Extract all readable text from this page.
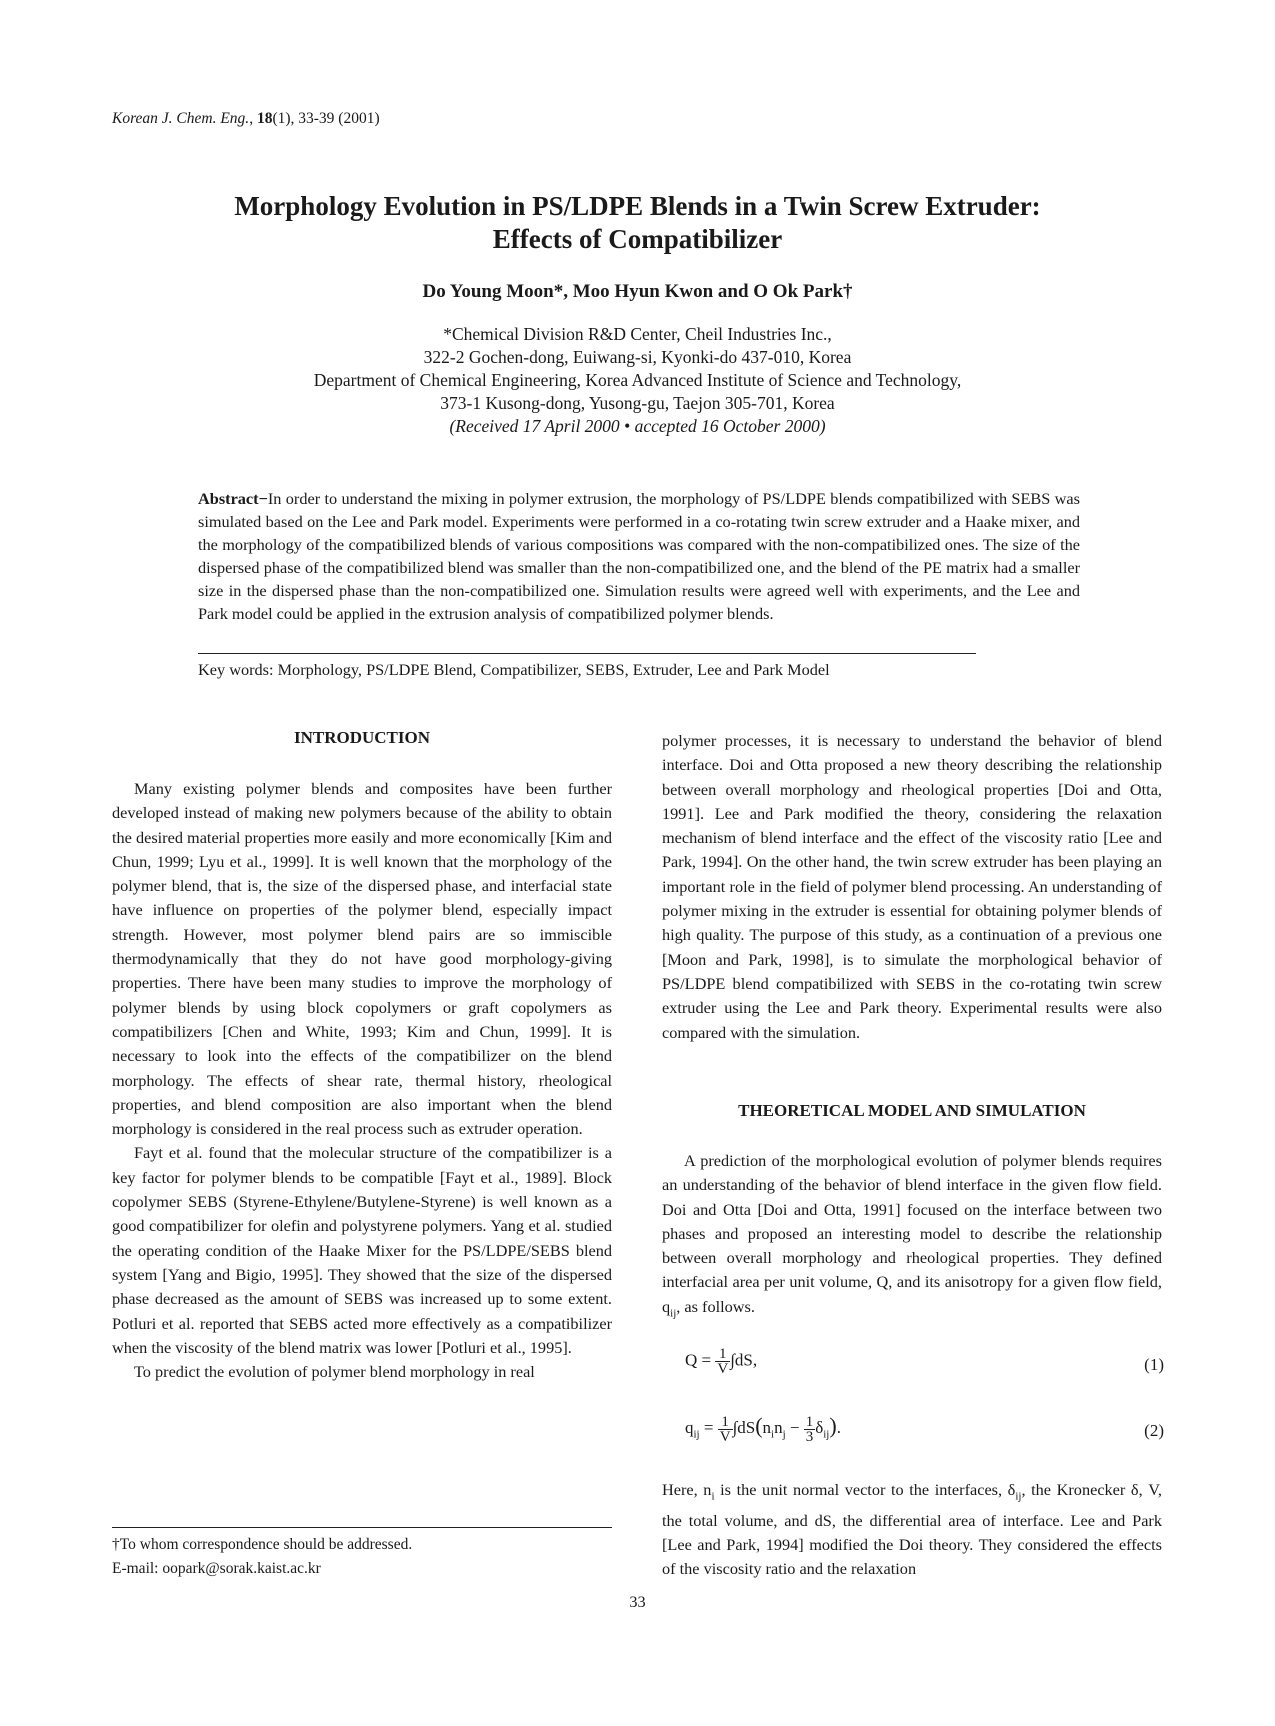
Korean J. Chem. Eng., 18(1), 33-39 (2001)
Morphology Evolution in PS/LDPE Blends in a Twin Screw Extruder:
Effects of Compatibilizer
Do Young Moon*, Moo Hyun Kwon and O Ok Park†
*Chemical Division R&D Center, Cheil Industries Inc.,
322-2 Gochen-dong, Euiwang-si, Kyonki-do 437-010, Korea
Department of Chemical Engineering, Korea Advanced Institute of Science and Technology,
373-1 Kusong-dong, Yusong-gu, Taejon 305-701, Korea
(Received 17 April 2000 • accepted 16 October 2000)
Abstract−In order to understand the mixing in polymer extrusion, the morphology of PS/LDPE blends compatibilized with SEBS was simulated based on the Lee and Park model. Experiments were performed in a co-rotating twin screw extruder and a Haake mixer, and the morphology of the compatibilized blends of various compositions was compared with the non-compatibilized ones. The size of the dispersed phase of the compatibilized blend was smaller than the non-compatibilized one, and the blend of the PE matrix had a smaller size in the dispersed phase than the non-compatibilized one. Simulation results were agreed well with experiments, and the Lee and Park model could be applied in the extrusion analysis of compatibilized polymer blends.
Key words: Morphology, PS/LDPE Blend, Compatibilizer, SEBS, Extruder, Lee and Park Model
INTRODUCTION

Many existing polymer blends and composites have been further developed instead of making new polymers because of the ability to obtain the desired material properties more easily and more economically [Kim and Chun, 1999; Lyu et al., 1999]. It is well known that the morphology of the polymer blend, that is, the size of the dispersed phase, and interfacial state have influence on properties of the polymer blend, especially impact strength. However, most polymer blend pairs are so immiscible thermodynamically that they do not have good morphology-giving properties. There have been many studies to improve the morphology of polymer blends by using block copolymers or graft copolymers as compatibilizers [Chen and White, 1993; Kim and Chun, 1999]. It is necessary to look into the effects of the compatibilizer on the blend morphology. The effects of shear rate, thermal history, rheological properties, and blend composition are also important when the blend morphology is considered in the real process such as extruder operation.

Fayt et al. found that the molecular structure of the compatibilizer is a key factor for polymer blends to be compatible [Fayt et al., 1989]. Block copolymer SEBS (Styrene-Ethylene/Butylene-Styrene) is well known as a good compatibilizer for olefin and polystyrene polymers. Yang et al. studied the operating condition of the Haake Mixer for the PS/LDPE/SEBS blend system [Yang and Bigio, 1995]. They showed that the size of the dispersed phase decreased as the amount of SEBS was increased up to some extent. Potluri et al. reported that SEBS acted more effectively as a compatibilizer when the viscosity of the blend matrix was lower [Potluri et al., 1995].

To predict the evolution of polymer blend morphology in real

†To whom correspondence should be addressed.
E-mail: oopark@sorak.kaist.ac.kr

polymer processes, it is necessary to understand the behavior of blend interface. Doi and Otta proposed a new theory describing the relationship between overall morphology and rheological properties [Doi and Otta, 1991]. Lee and Park modified the theory, considering the relaxation mechanism of blend interface and the effect of the viscosity ratio [Lee and Park, 1994]. On the other hand, the twin screw extruder has been playing an important role in the field of polymer blend processing. An understanding of polymer mixing in the extruder is essential for obtaining polymer blends of high quality. The purpose of this study, as a continuation of a previous one [Moon and Park, 1998], is to simulate the morphological behavior of PS/LDPE blend compatibilized with SEBS in the co-rotating twin screw extruder using the Lee and Park theory. Experimental results were also compared with the simulation.

THEORETICAL MODEL AND SIMULATION

A prediction of the morphological evolution of polymer blends requires an understanding of the behavior of blend interface in the given flow field. Doi and Otta [Doi and Otta, 1991] focused on the interface between two phases and proposed an interesting model to describe the relationship between overall morphology and rheological properties. They defined interfacial area per unit volume, Q, and its anisotropy for a given flow field, $q_{ij}$, as follows.

$Q = \frac{1}{V} \int dS$,	(1)
$q_{ij} = \frac{1}{V} \int dS(n_in_j - \frac{1}{3} \delta_{ij})$.	(2)

Here, $n_i$ is the unit normal vector to the interfaces, $\delta_{ij}$, the Kronecker δ, V, the total volume, and dS, the differential area of interface. Lee and Park [Lee and Park, 1994] modified the Doi theory. They considered the effects of the viscosity ratio and the relaxation

33
